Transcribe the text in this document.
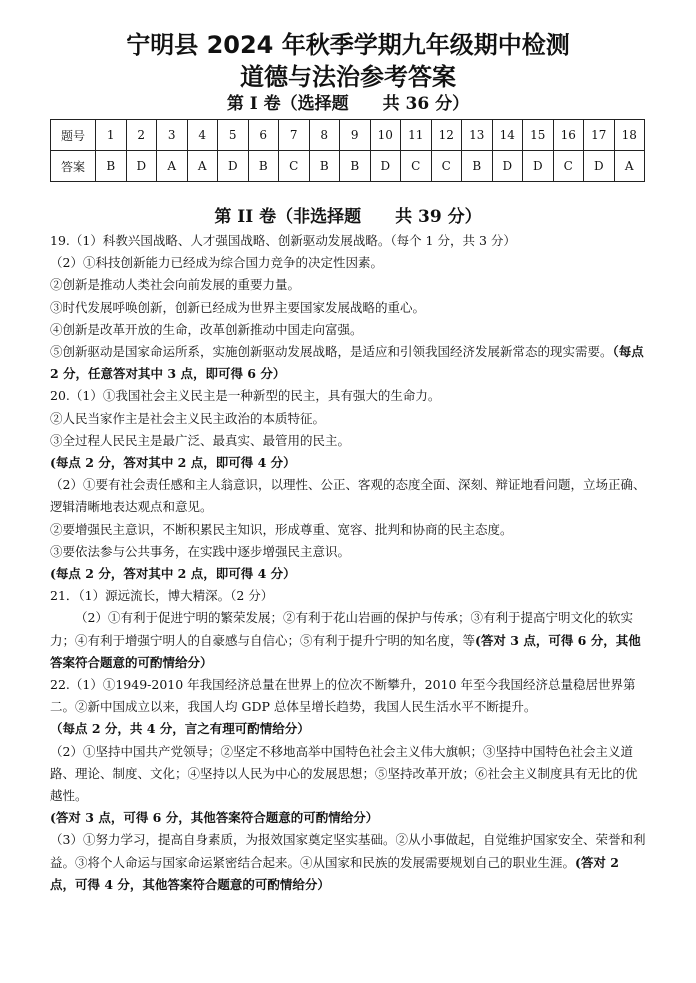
宁明县 2024 年秋季学期九年级期中检测
道德与法治参考答案
第 I 卷（选择题　　共 36 分）
题号	1	2	3	4	5	6	7	8	9	10	11	12	13	14	15	16	17	18
答案	B	D	A	A	D	B	C	B	B	D	C	C	B	D	D	C	D	A
第 II 卷（非选择题　　共 39 分）

19.（1）科教兴国战略、人才强国战略、创新驱动发展战略。（每个 1 分，共 3 分）

（2）①科技创新能力已经成为综合国力竞争的决定性因素。

②创新是推动人类社会向前发展的重要力量。

③时代发展呼唤创新，创新已经成为世界主要国家发展战略的重心。

④创新是改革开放的生命，改革创新推动中国走向富强。

⑤创新驱动是国家命运所系，实施创新驱动发展战略，是适应和引领我国经济发展新常态的现实需要。（每点 2 分，任意答对其中 3 点，即可得 6 分）

20.（1）①我国社会主义民主是一种新型的民主，具有强大的生命力。

②人民当家作主是社会主义民主政治的本质特征。

③全过程人民民主是最广泛、最真实、最管用的民主。

(每点 2 分，答对其中 2 点，即可得 4 分）

（2）①要有社会责任感和主人翁意识，以理性、公正、客观的态度全面、深刻、辩证地看问题，立场正确、逻辑清晰地表达观点和意见。

②要增强民主意识，不断积累民主知识，形成尊重、宽容、批判和协商的民主态度。

③要依法参与公共事务，在实践中逐步增强民主意识。

(每点 2 分，答对其中 2 点，即可得 4 分）

21．（1）源远流长，博大精深。（2 分）

（2）①有利于促进宁明的繁荣发展；②有利于花山岩画的保护与传承；③有利于提高宁明文化的软实力；④有利于增强宁明人的自豪感与自信心；⑤有利于提升宁明的知名度，等(答对 3 点，可得 6 分，其他答案符合题意的可酌情给分）

22.（1）①1949-2010 年我国经济总量在世界上的位次不断攀升，2010 年至今我国经济总量稳居世界第二。②新中国成立以来，我国人均 GDP 总体呈增长趋势，我国人民生活水平不断提升。

（每点 2 分，共 4 分，言之有理可酌情给分）

（2）①坚持中国共产党领导；②坚定不移地高举中国特色社会主义伟大旗帜；③坚持中国特色社会主义道路、理论、制度、文化；④坚持以人民为中心的发展思想；⑤坚持改革开放；⑥社会主义制度具有无比的优越性。

(答对 3 点，可得 6 分，其他答案符合题意的可酌情给分）

（3）①努力学习，提高自身素质，为报效国家奠定坚实基础。②从小事做起，自觉维护国家安全、荣誉和利益。③将个人命运与国家命运紧密结合起来。④从国家和民族的发展需要规划自己的职业生涯。(答对 2 点，可得 4 分，其他答案符合题意的可酌情给分）
